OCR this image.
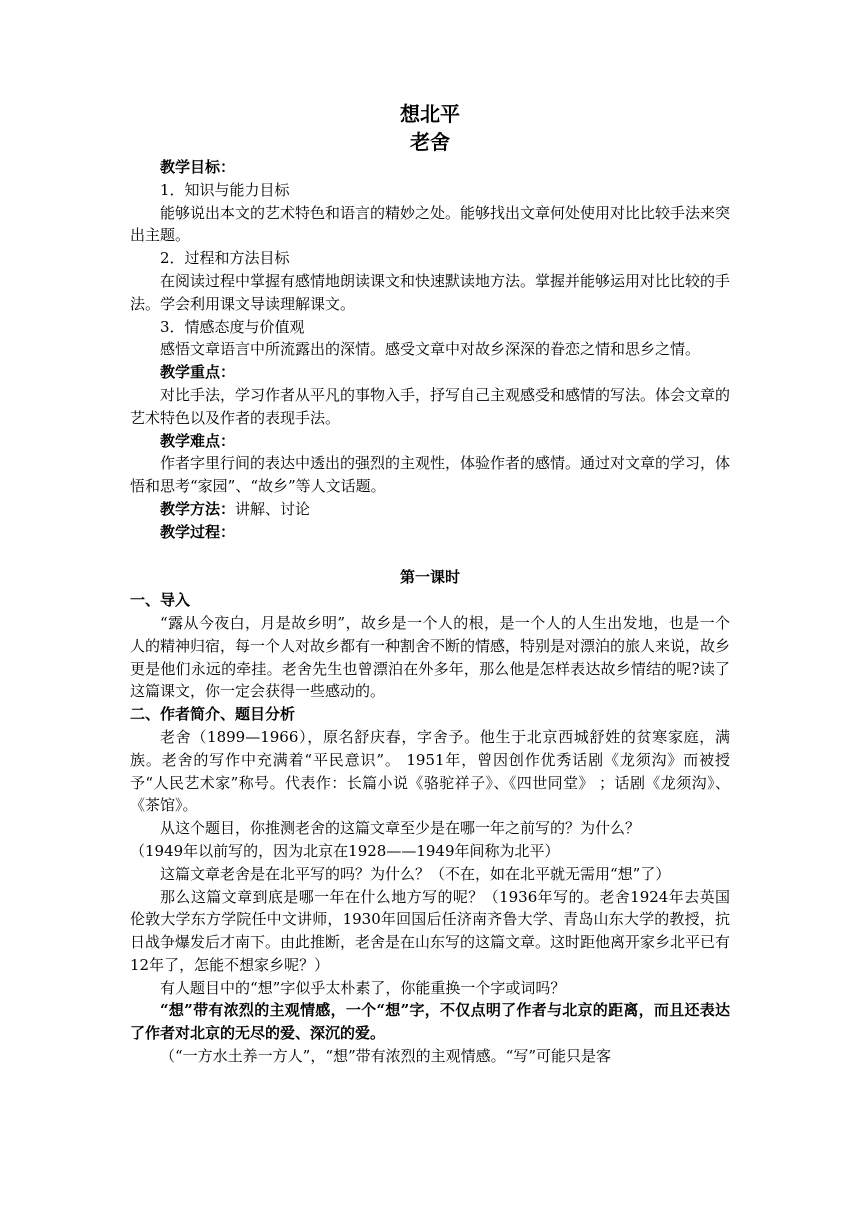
想北平
老舍

教学目标：

1．知识与能力目标

能够说出本文的艺术特色和语言的精妙之处。能够找出文章何处使用对比比较手法来突出主题。

2．过程和方法目标

在阅读过程中掌握有感情地朗读课文和快速默读地方法。掌握并能够运用对比比较的手法。学会利用课文导读理解课文。

3．情感态度与价值观

感悟文章语言中所流露出的深情。感受文章中对故乡深深的眷恋之情和思乡之情。

教学重点：

对比手法，学习作者从平凡的事物入手，抒写自己主观感受和感情的写法。体会文章的艺术特色以及作者的表现手法。

教学难点：

作者字里行间的表达中透出的强烈的主观性，体验作者的感情。通过对文章的学习，体悟和思考“家园”、“故乡”等人文话题。

教学方法：讲解、讨论

教学过程：

第一课时

一、导入

“露从今夜白，月是故乡明”，故乡是一个人的根，是一个人的人生出发地，也是一个人的精神归宿，每一个人对故乡都有一种割舍不断的情感，特别是对漂泊的旅人来说，故乡更是他们永远的牵挂。老舍先生也曾漂泊在外多年，那么他是怎样表达故乡情结的呢?读了这篇课文，你一定会获得一些感动的。

二、作者简介、题目分析

老舍（1899—1966），原名舒庆春，字舍予。他生于北京西城舒姓的贫寒家庭，满族。老舍的写作中充满着“平民意识”。 1951年，曾因创作优秀话剧《龙须沟》而被授予“人民艺术家”称号。代表作：长篇小说《骆驼祥子》、《四世同堂》 ；话剧《龙须沟》、《茶馆》。

从这个题目，你推测老舍的这篇文章至少是在哪一年之前写的？为什么？

（1949年以前写的，因为北京在1928——1949年间称为北平）

这篇文章老舍是在北平写的吗？为什么？（不在，如在北平就无需用“想”了）

那么这篇文章到底是哪一年在什么地方写的呢？（1936年写的。老舍1924年去英国伦敦大学东方学院任中文讲师，1930年回国后任济南齐鲁大学、青岛山东大学的教授，抗日战争爆发后才南下。由此推断，老舍是在山东写的这篇文章。这时距他离开家乡北平已有12年了，怎能不想家乡呢？）

有人题目中的“想”字似乎太朴素了，你能重换一个字或词吗？

“想”带有浓烈的主观情感，一个“想”字，不仅点明了作者与北京的距离，而且还表达了作者对北京的无尽的爱、深沉的爱。

（“一方水土养一方人”，“想”带有浓烈的主观情感。“写”可能只是客
